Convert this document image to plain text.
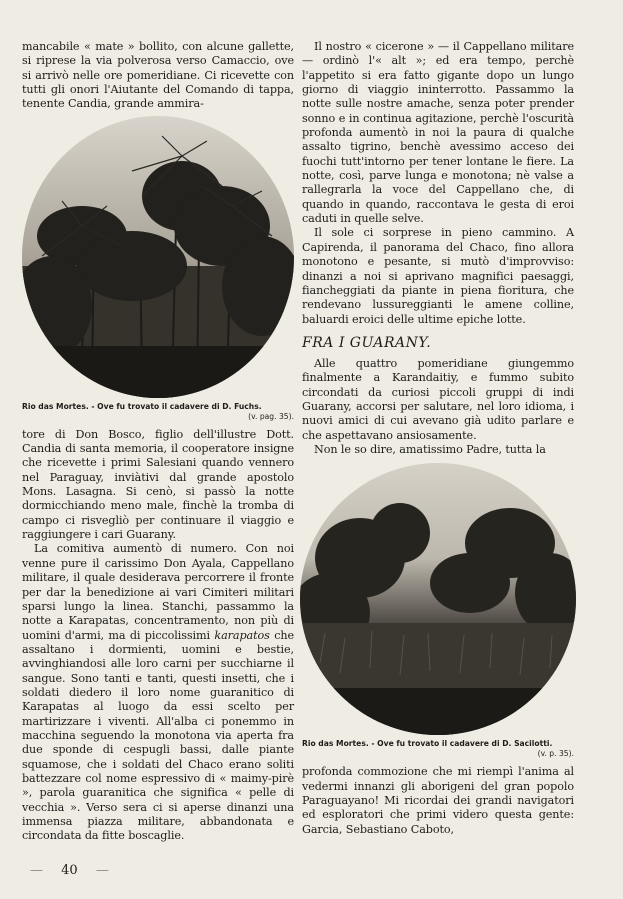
mancabile « mate » bollito, con alcune gallette, si riprese la via polverosa verso Camaccio, ove si arrivò nelle ore pomeridiane. Ci ricevette con tutti gli onori l'Aiutante del Comando di tappa, tenente Candia, grande ammira-

Rio das Mortes. - Ove fu trovato il cadavere di D. Fuchs.
(v. pag. 35).

tore di Don Bosco, figlio dell'illustre Dott. Candia di santa memoria, il cooperatore insigne che ricevette i primi Salesiani quando vennero nel Paraguay, inviàtivi dal grande apostolo Mons. Lasagna. Si cenò, si passò la notte dormicchiando meno male, finchè la tromba di campo ci risvegliò per continuare il viaggio e raggiungere i cari Guarany.

La comitiva aumentò di numero. Con noi venne pure il carissimo Don Ayala, Cappellano militare, il quale desiderava percorrere il fronte per dar la benedizione ai vari Cimiteri militari sparsi lungo la linea. Stanchi, passammo la notte a Karapatas, concentramento, non più di uomini d'armi, ma di piccolissimi karapatos che assaltano i dormienti, uomini e bestie, avvinghiandosi alle loro carni per succhiarne il sangue. Sono tanti e tanti, questi insetti, che i soldati diedero il loro nome guaranitico di Karapatas al luogo da essi scelto per martirizzare i viventi. All'alba ci ponemmo in macchina seguendo la monotona via aperta fra due sponde di cespugli bassi, dalle piante squamose, che i soldati del Chaco erano soliti battezzare col nome espressivo di « maimy-pirè », parola guaranitica che significa « pelle di vecchia ». Verso sera ci si aperse dinanzi una immensa piazza militare, abbandonata e circondata da fitte boscaglie.

Il nostro « cicerone » — il Cappellano militare — ordinò l'« alt »; ed era tempo, perchè l'appetito si era fatto gigante dopo un lungo giorno di viaggio ininterrotto. Passammo la notte sulle nostre amache, senza poter prender sonno e in continua agitazione, perchè l'oscurità profonda aumentò in noi la paura di qualche assalto tigrino, benchè avessimo acceso dei fuochi tutt'intorno per tener lontane le fiere. La notte, così, parve lunga e monotona; nè valse a rallegrarla la voce del Cappellano che, di quando in quando, raccontava le gesta di eroi caduti in quelle selve.

Il sole ci sorprese in pieno cammino. A Capirenda, il panorama del Chaco, fino allora monotono e pesante, si mutò d'improvviso: dinanzi a noi si aprivano magnifici paesaggi, fiancheggiati da piante in piena fioritura, che rendevano lussureggianti le amene colline, baluardi eroici delle ultime epiche lotte.

FRA I GUARANY.

Alle quattro pomeridiane giungemmo finalmente a Karandaitiy, e fummo subito circondati da curiosi piccoli gruppi di indi Guarany, accorsi per salutare, nel loro idioma, i nuovi amici di cui avevano già udito parlare e che aspettavano ansiosamente.

Non le so dire, amatissimo Padre, tutta la

Rio das Mortes. - Ove fu trovato il cadavere di D. Sacilotti.
(v. p. 35).

profonda commozione che mi riempì l'anima al vedermi innanzi gli aborigeni del gran popolo Paraguayano! Mi ricordai dei grandi navigatori ed esploratori che primi videro questa gente: Garcia, Sebastiano Caboto,

— 40 —
